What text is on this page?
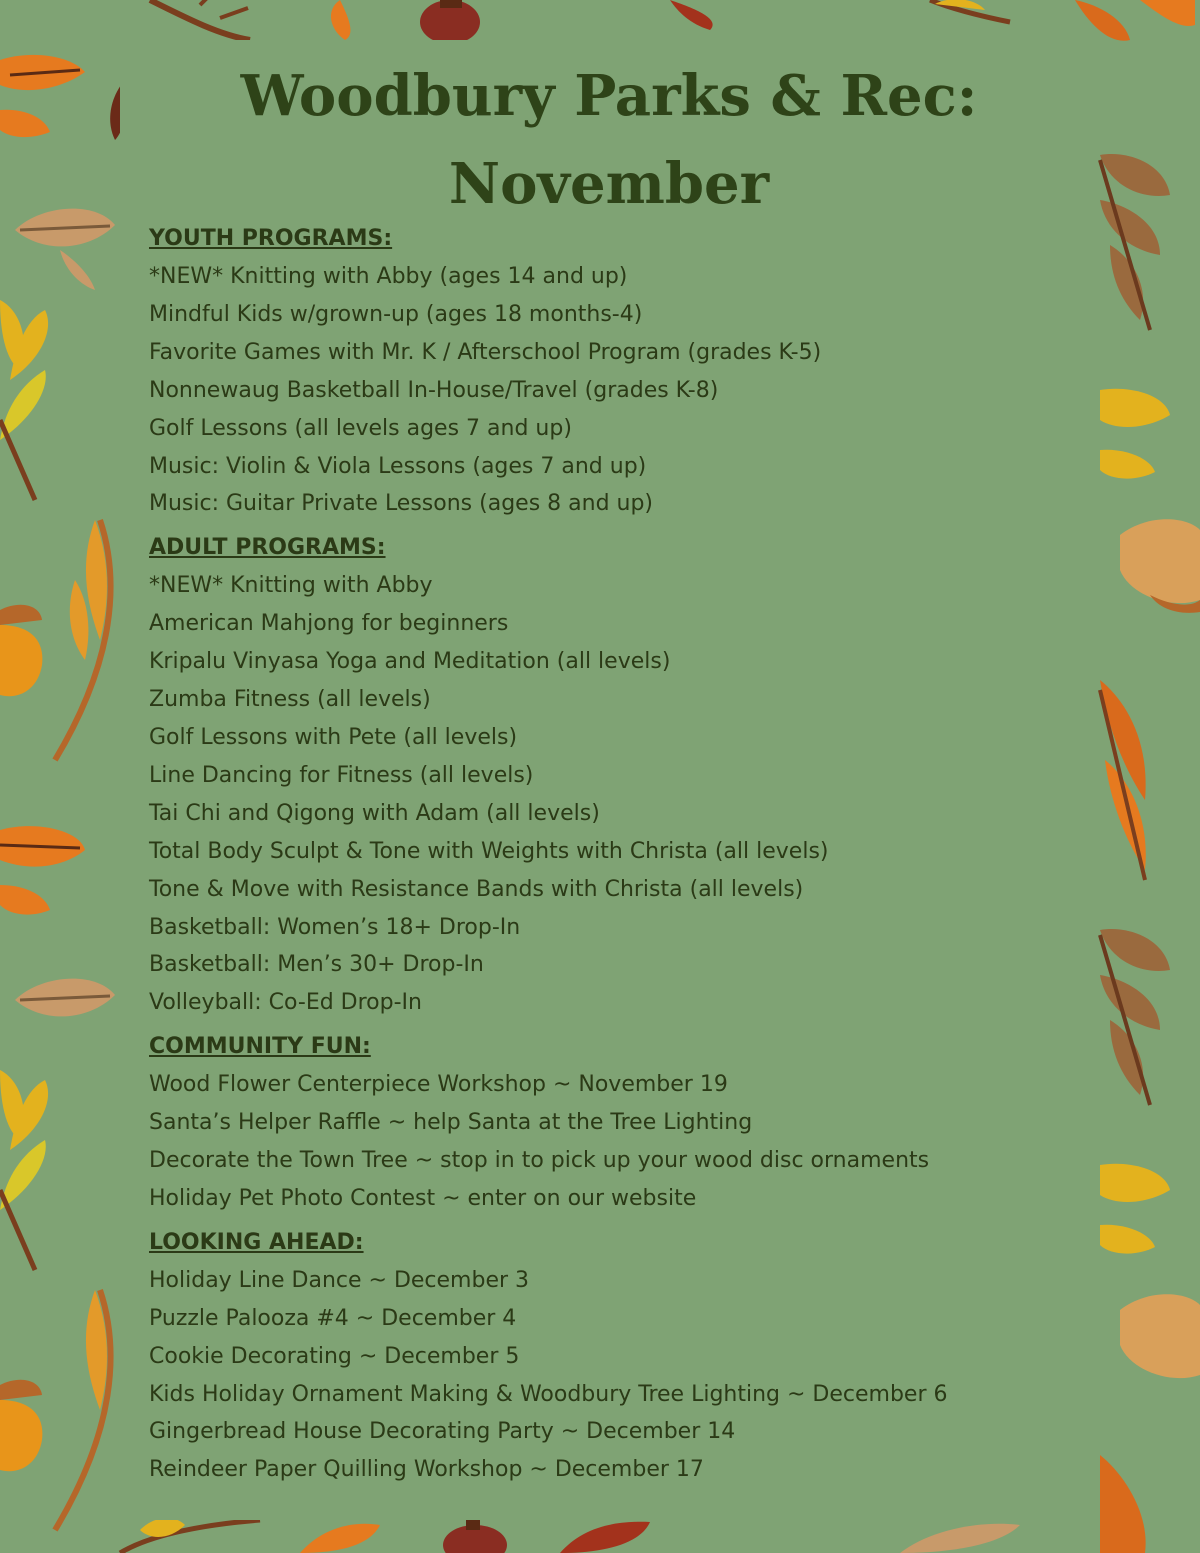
Woodbury Parks & Rec:
November
YOUTH PROGRAMS:
*NEW* Knitting with Abby (ages 14 and up)
Mindful Kids w/grown-up (ages 18 months-4)
Favorite Games with Mr. K / Afterschool Program (grades K-5)
Nonnewaug Basketball In-House/Travel (grades K-8)
Golf Lessons (all levels ages 7 and up)
Music: Violin & Viola Lessons (ages 7 and up)
Music: Guitar Private Lessons (ages 8 and up)
ADULT PROGRAMS:
*NEW* Knitting with Abby
American Mahjong for beginners
Kripalu Vinyasa Yoga and Meditation (all levels)
Zumba Fitness (all levels)
Golf Lessons with Pete (all levels)
Line Dancing for Fitness (all levels)
Tai Chi and Qigong with Adam (all levels)
Total Body Sculpt & Tone with Weights with Christa (all levels)
Tone & Move with Resistance Bands with Christa (all levels)
Basketball: Women’s 18+ Drop-In
Basketball: Men’s 30+ Drop-In
Volleyball: Co-Ed Drop-In
COMMUNITY FUN:
Wood Flower Centerpiece Workshop ~ November 19
Santa’s Helper Raffle ~ help Santa at the Tree Lighting
Decorate the Town Tree ~ stop in to pick up your wood disc ornaments
Holiday Pet Photo Contest ~ enter on our website
LOOKING AHEAD:
Holiday Line Dance ~ December 3
Puzzle Palooza #4 ~ December 4
Cookie Decorating ~ December 5
Kids Holiday Ornament Making & Woodbury Tree Lighting ~ December 6
Gingerbread House Decorating Party ~ December 14
Reindeer Paper Quilling Workshop ~ December 17
